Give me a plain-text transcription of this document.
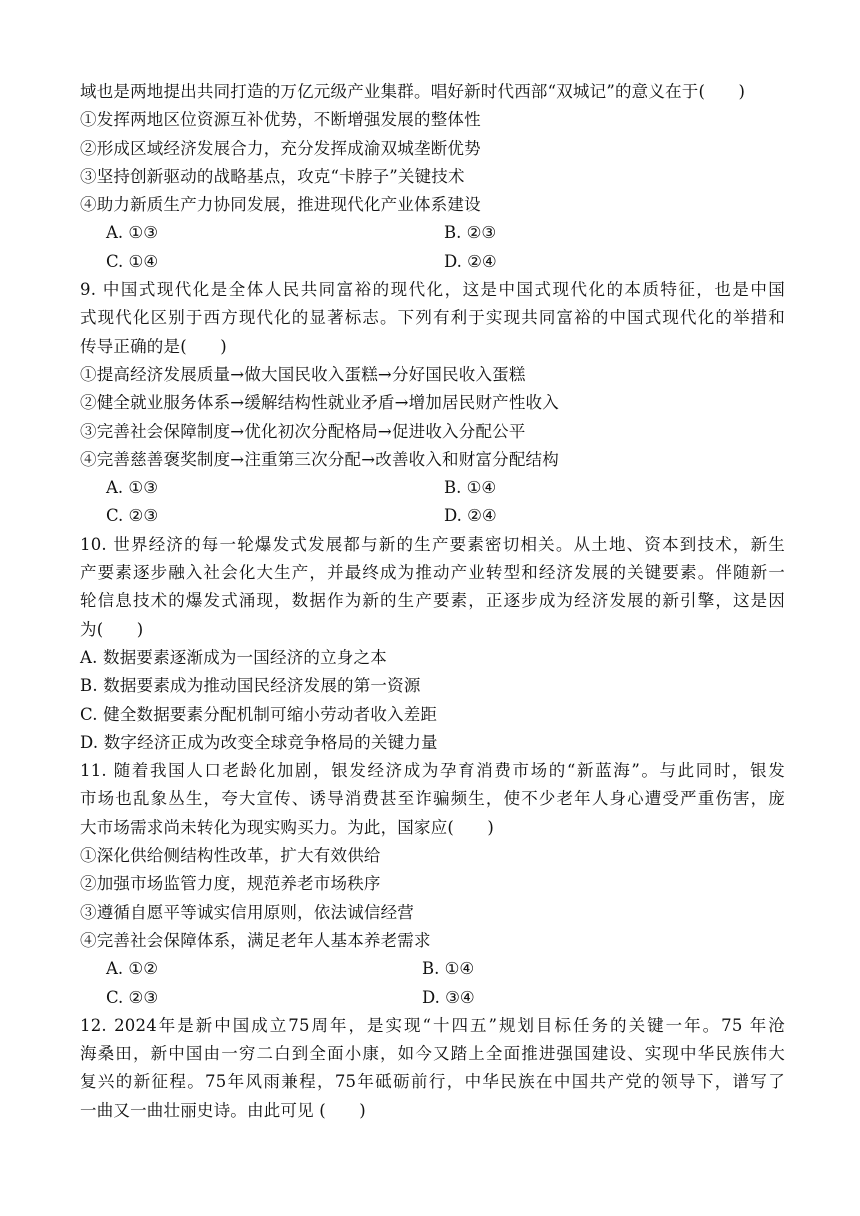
域也是两地提出共同打造的万亿元级产业集群。唱好新时代西部“双城记”的意义在于(　　)
①发挥两地区位资源互补优势，不断增强发展的整体性
②形成区域经济发展合力，充分发挥成渝双城垄断优势
③坚持创新驱动的战略基点，攻克“卡脖子”关键技术
④助力新质生产力协同发展，推进现代化产业体系建设
A. ①③	B. ②③
C. ①④	D. ②④
9. 中国式现代化是全体人民共同富裕的现代化，这是中国式现代化的本质特征，也是中国
式现代化区别于西方现代化的显著标志。下列有利于实现共同富裕的中国式现代化的举措和
传导正确的是(　　)
①提高经济发展质量→做大国民收入蛋糕→分好国民收入蛋糕
②健全就业服务体系→缓解结构性就业矛盾→增加居民财产性收入
③完善社会保障制度→优化初次分配格局→促进收入分配公平
④完善慈善褒奖制度→注重第三次分配→改善收入和财富分配结构
A. ①③	B. ①④
C. ②③	D. ②④
10. 世界经济的每一轮爆发式发展都与新的生产要素密切相关。从土地、资本到技术，新生
产要素逐步融入社会化大生产，并最终成为推动产业转型和经济发展的关键要素。伴随新一
轮信息技术的爆发式涌现，数据作为新的生产要素，正逐步成为经济发展的新引擎，这是因
为(　　)
A. 数据要素逐渐成为一国经济的立身之本
B. 数据要素成为推动国民经济发展的第一资源
C. 健全数据要素分配机制可缩小劳动者收入差距
D. 数字经济正成为改变全球竞争格局的关键力量
11. 随着我国人口老龄化加剧，银发经济成为孕育消费市场的“新蓝海”。与此同时，银发
市场也乱象丛生，夸大宣传、诱导消费甚至诈骗频生，使不少老年人身心遭受严重伤害，庞
大市场需求尚未转化为现实购买力。为此，国家应(　　)
①深化供给侧结构性改革，扩大有效供给
②加强市场监管力度，规范养老市场秩序
③遵循自愿平等诚实信用原则，依法诚信经营
④完善社会保障体系，满足老年人基本养老需求
A. ①②	B. ①④
C. ②③	D. ③④
12. 2024年是新中国成立75周年，是实现“十四五”规划目标任务的关键一年。75 年沧
海桑田，新中国由一穷二白到全面小康，如今又踏上全面推进强国建设、实现中华民族伟大
复兴的新征程。75年风雨兼程，75年砥砺前行，中华民族在中国共产党的领导下，谱写了
一曲又一曲壮丽史诗。由此可见 (　　)
